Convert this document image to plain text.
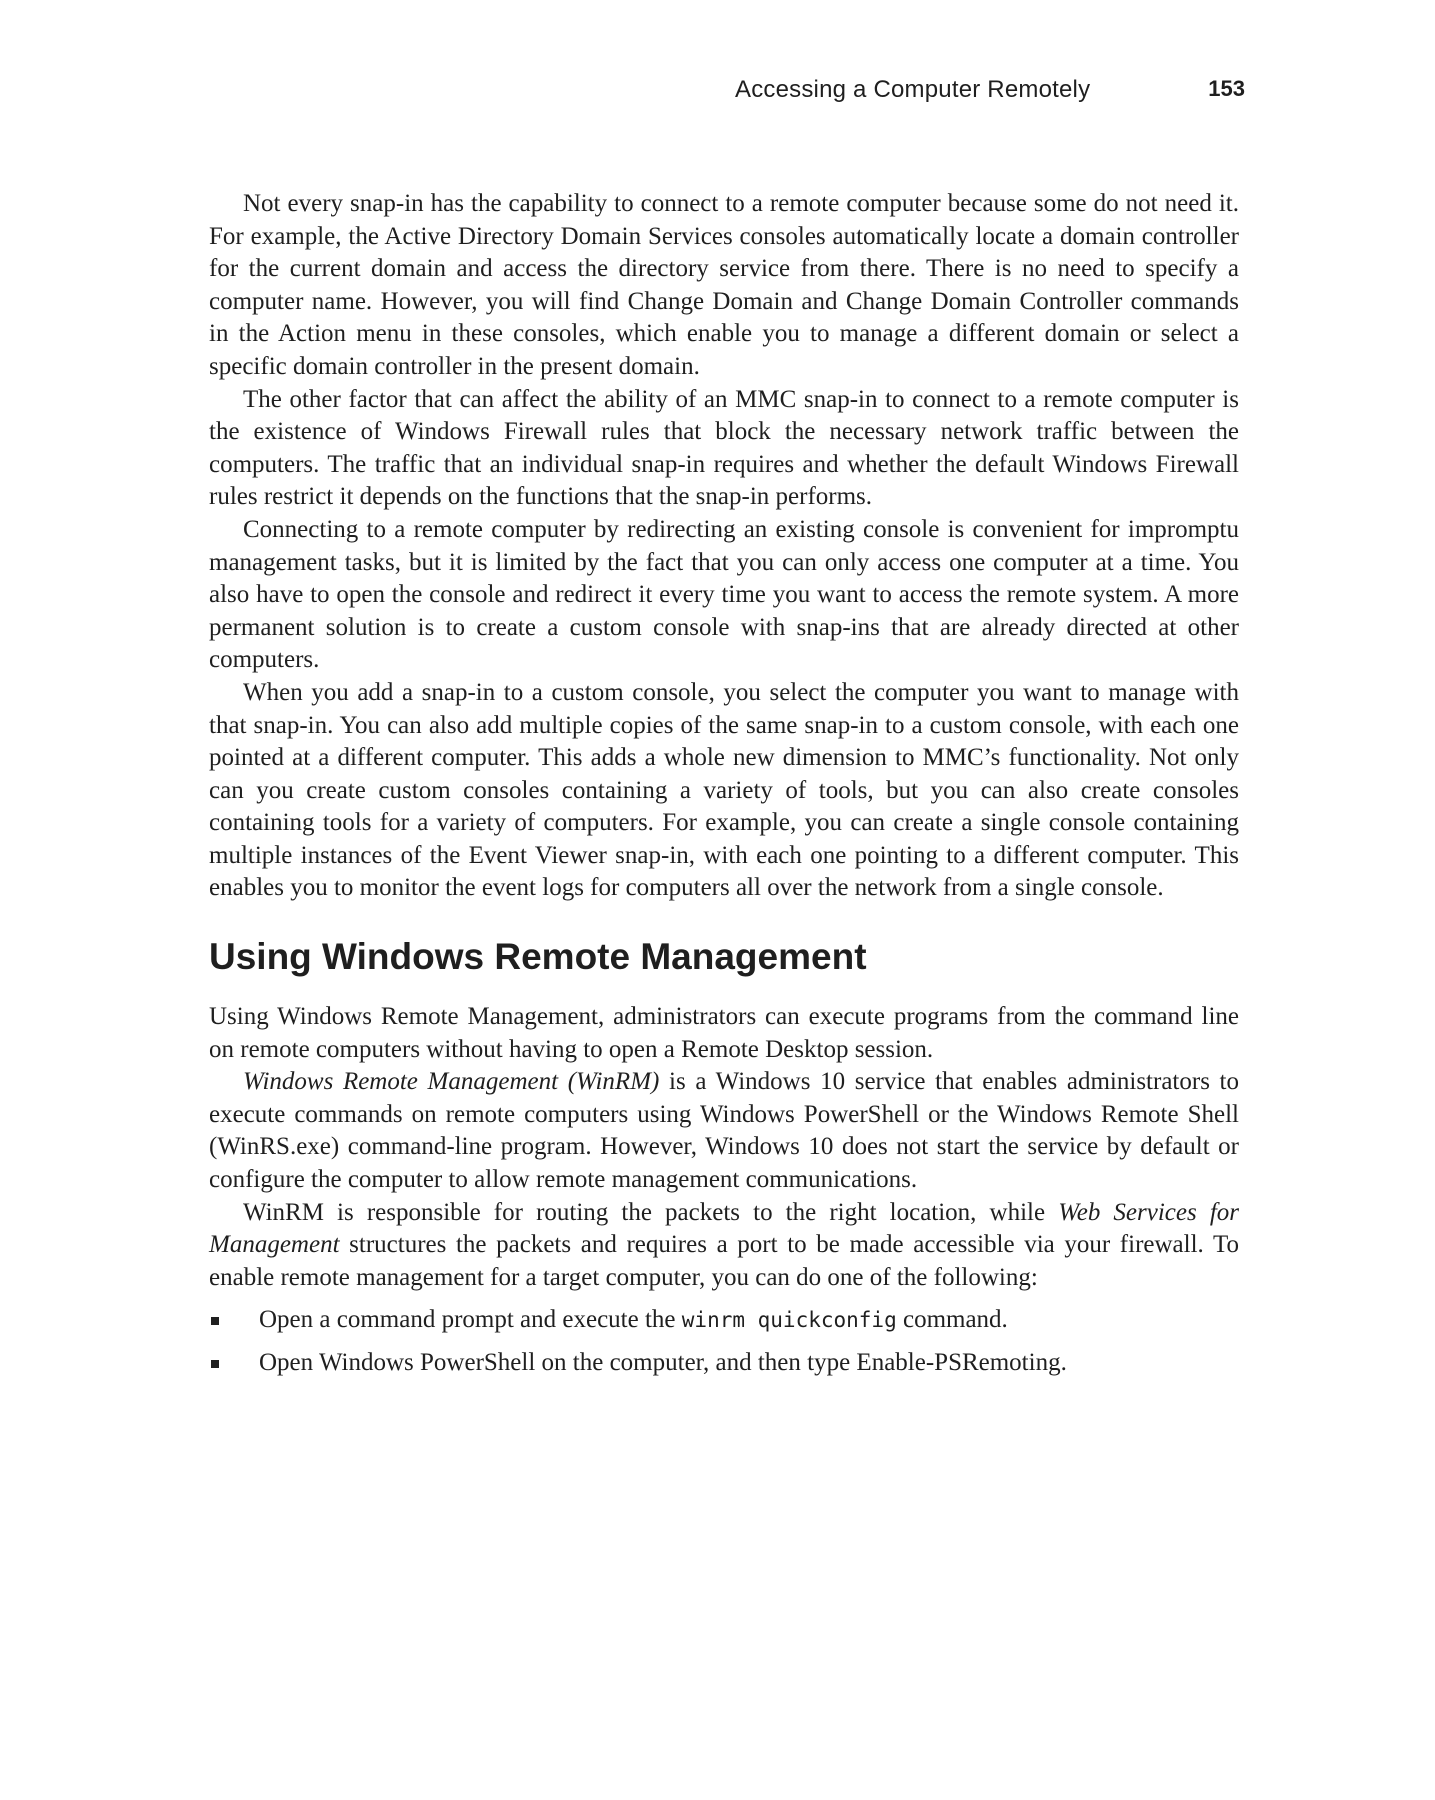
Accessing a Computer Remotely	153

Not every snap-in has the capability to connect to a remote computer because some do not need it. For example, the Active Directory Domain Services consoles automatically locate a domain controller for the current domain and access the directory service from there. There is no need to specify a computer name. However, you will find Change Domain and Change Domain Controller commands in the Action menu in these consoles, which enable you to manage a different domain or select a specific domain controller in the present domain.

The other factor that can affect the ability of an MMC snap-in to connect to a remote computer is the existence of Windows Firewall rules that block the necessary network traffic between the computers. The traffic that an individual snap-in requires and whether the default Windows Firewall rules restrict it depends on the functions that the snap-in performs.

Connecting to a remote computer by redirecting an existing console is convenient for impromptu management tasks, but it is limited by the fact that you can only access one computer at a time. You also have to open the console and redirect it every time you want to access the remote system. A more permanent solution is to create a custom console with snap-ins that are already directed at other computers.

When you add a snap-in to a custom console, you select the computer you want to manage with that snap-in. You can also add multiple copies of the same snap-in to a custom console, with each one pointed at a different computer. This adds a whole new dimension to MMC’s functionality. Not only can you create custom consoles containing a variety of tools, but you can also create consoles containing tools for a variety of computers. For example, you can create a single console containing multiple instances of the Event Viewer snap-in, with each one pointing to a different computer. This enables you to monitor the event logs for computers all over the network from a single console.

Using Windows Remote Management

Using Windows Remote Management, administrators can execute programs from the command line on remote computers without having to open a Remote Desktop session.

Windows Remote Management (WinRM) is a Windows 10 service that enables administrators to execute commands on remote computers using Windows PowerShell or the Windows Remote Shell (WinRS.exe) command-line program. However, Windows 10 does not start the service by default or configure the computer to allow remote management communications.

WinRM is responsible for routing the packets to the right location, while Web Services for Management structures the packets and requires a port to be made accessible via your firewall. To enable remote management for a target computer, you can do one of the following:

Open a command prompt and execute the winrm quickconfig command.
Open Windows PowerShell on the computer, and then type Enable-PSRemoting.
